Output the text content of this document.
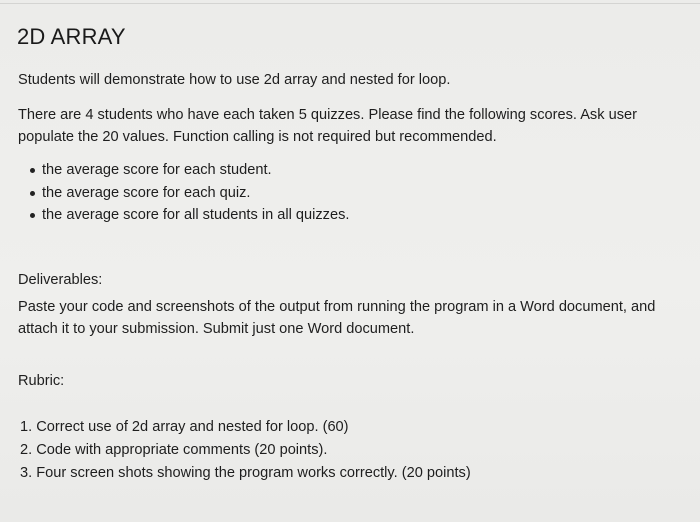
2D ARRAY
Students will demonstrate how to use 2d array and nested for loop.
There are 4 students who have each taken 5 quizzes. Please find the following scores. Ask user populate the 20 values. Function calling is not required but recommended.
the average score for each student.
the average score for each quiz.
the average score for all students in all quizzes.
Deliverables:
Paste your code and screenshots of the output from running the program in a Word document, and attach it to your submission. Submit just one Word document.
Rubric:
1. Correct use of 2d array and nested for loop. (60)
2. Code with appropriate comments (20 points).
3. Four screen shots showing the program works correctly. (20 points)
